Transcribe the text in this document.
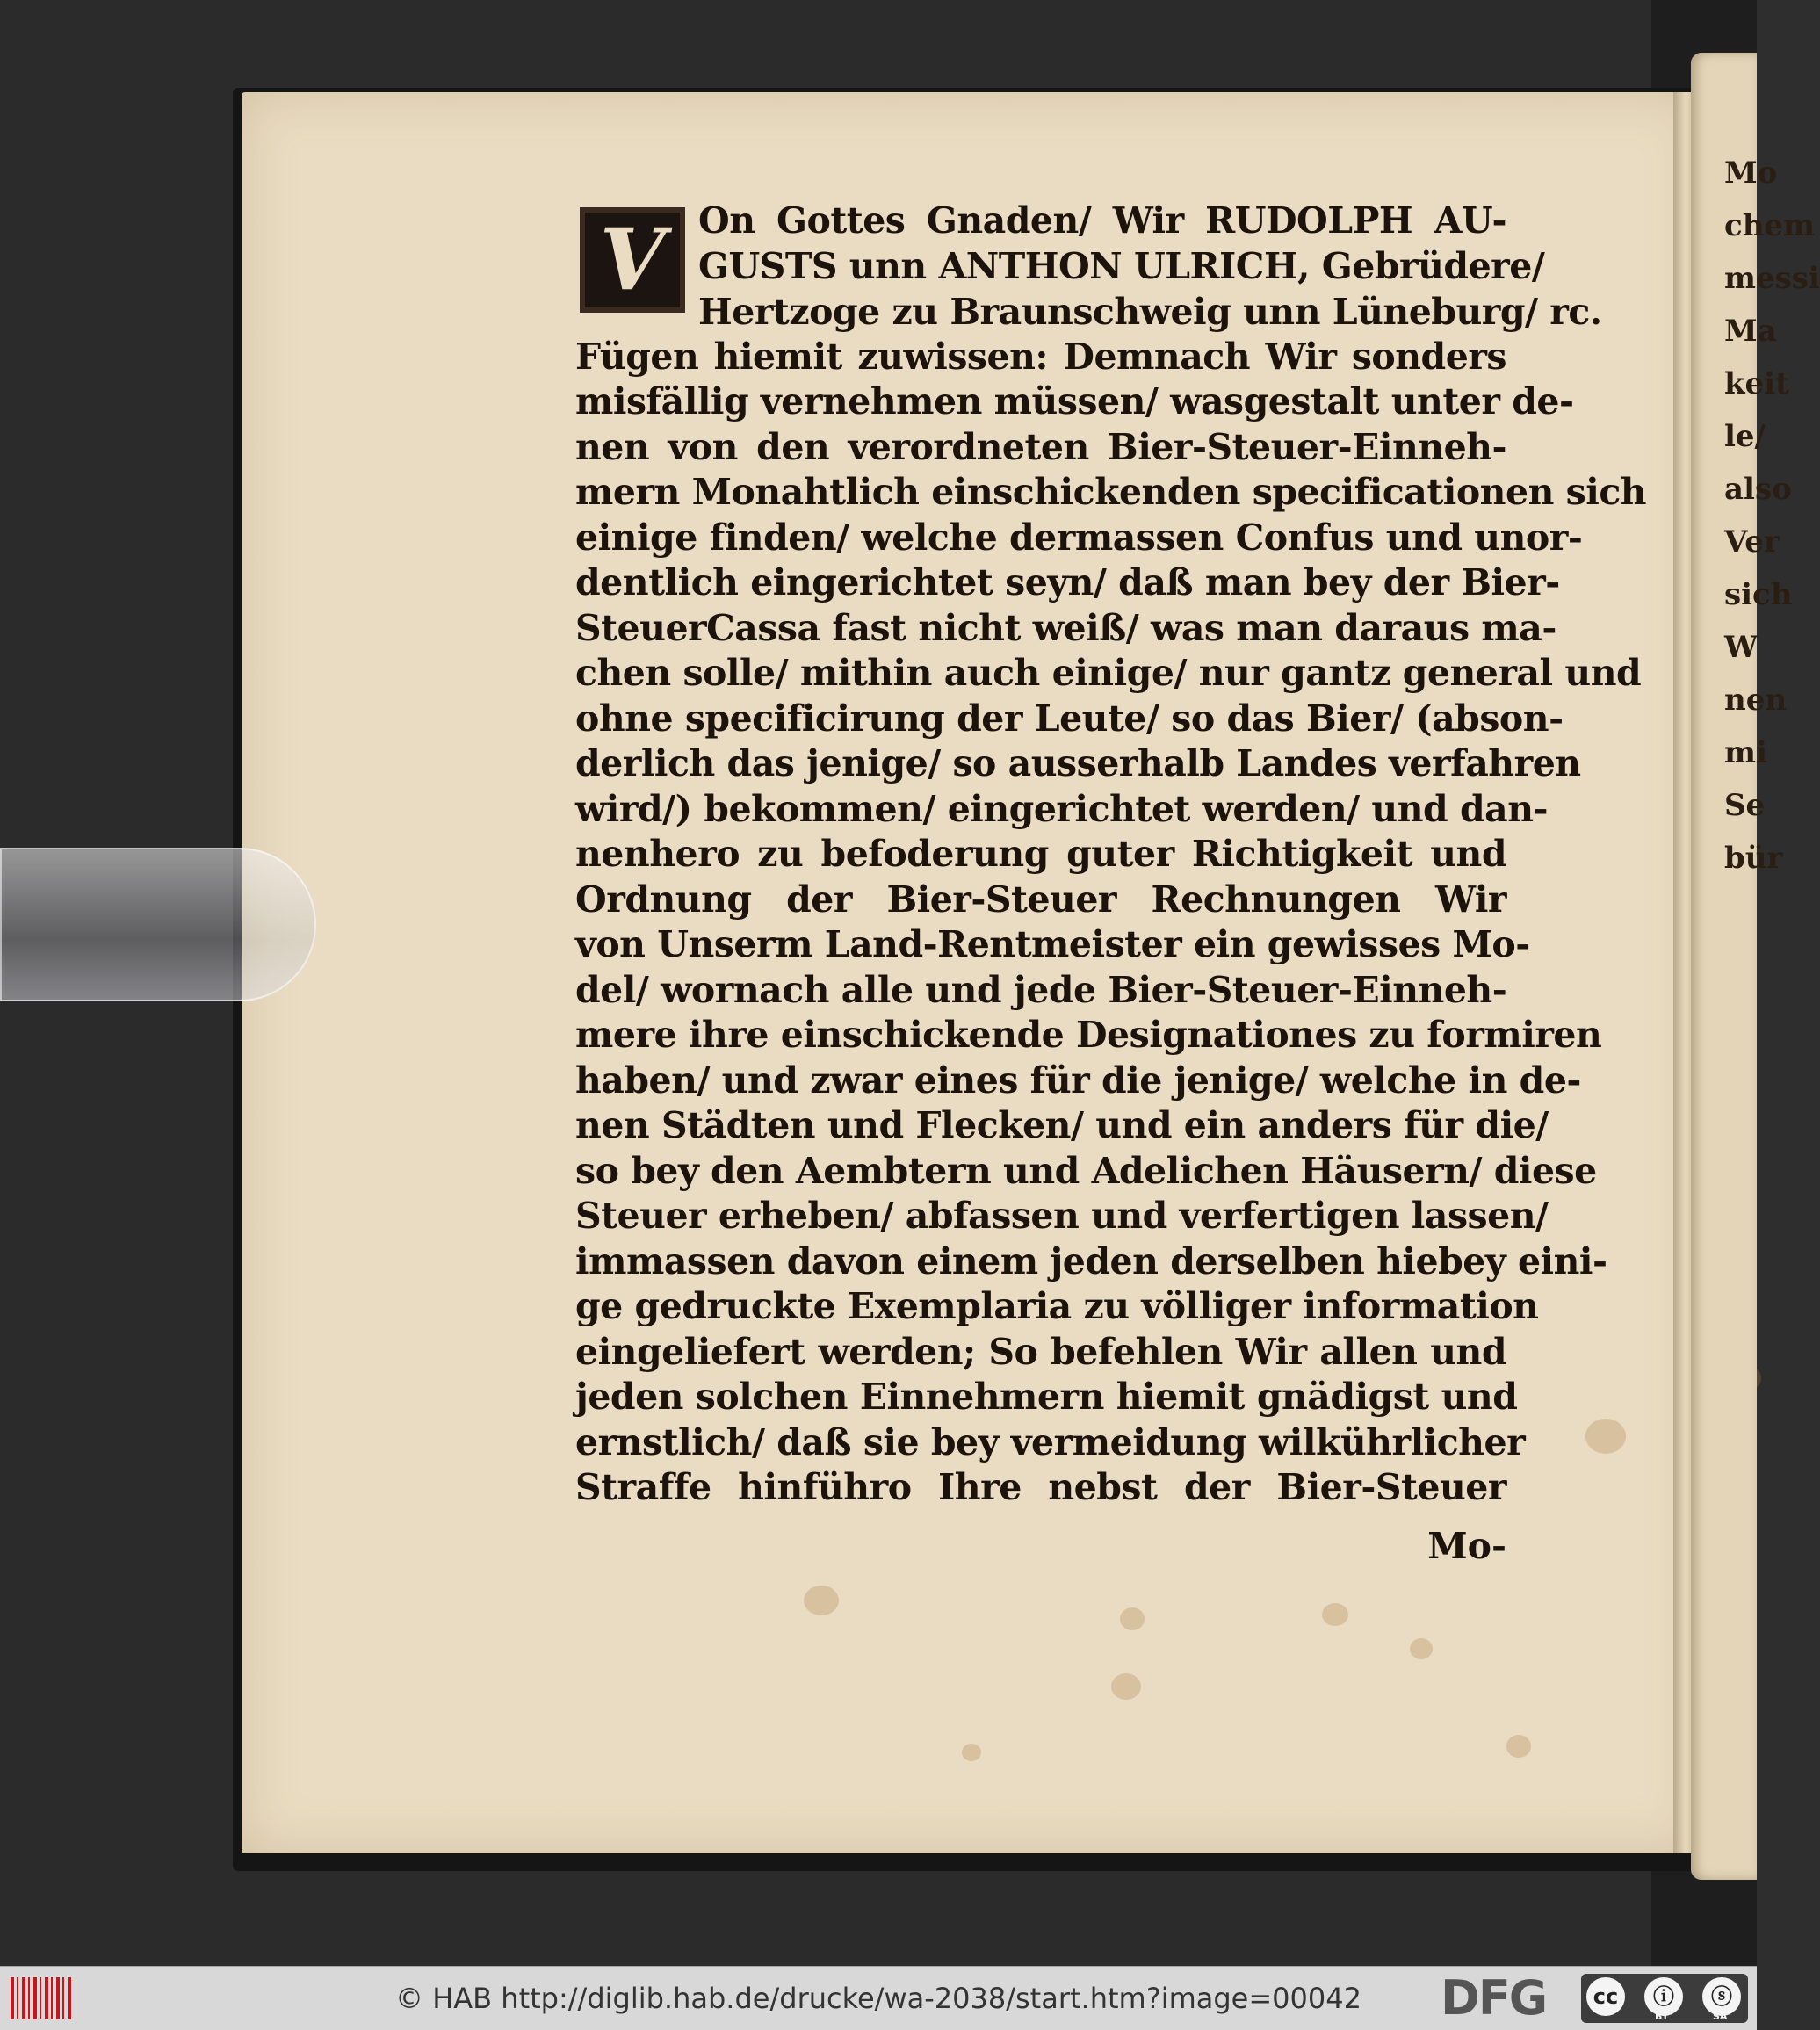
Mo
chem
messi
Ma
keit
le/
also
Ver
sich
W
nen
mi
Se
bür
V On Gottes Gnaden/ Wir RUDOLPH AU-
GUSTS unn ANTHON ULRICH, Gebrüdere/
Hertzoge zu Braunschweig unn Lüneburg/ rc.
Fügen hiemit zuwissen: Demnach Wir sonders
misfällig vernehmen müssen/ wasgestalt unter de-
nen von den verordneten Bier-Steuer-Einneh-
mern Monahtlich einschickenden specificationen sich
einige finden/ welche dermassen Confus und unor-
dentlich eingerichtet seyn/ daß man bey der Bier-
SteuerCassa fast nicht weiß/ was man daraus ma-
chen solle/ mithin auch einige/ nur gantz general und
ohne specificirung der Leute/ so das Bier/ (abson-
derlich das jenige/ so ausserhalb Landes verfahren
wird/) bekommen/ eingerichtet werden/ und dan-
nenhero zu befoderung guter Richtigkeit und
Ordnung der Bier-Steuer Rechnungen Wir
von Unserm Land-Rentmeister ein gewisses Mo-
del/ wornach alle und jede Bier-Steuer-Einneh-
mere ihre einschickende Designationes zu formiren
haben/ und zwar eines für die jenige/ welche in de-
nen Städten und Flecken/ und ein anders für die/
so bey den Aembtern und Adelichen Häusern/ diese
Steuer erheben/ abfassen und verfertigen lassen/
immassen davon einem jeden derselben hiebey eini-
ge gedruckte Exemplaria zu völliger information
eingeliefert werden; So befehlen Wir allen und
jeden solchen Einnehmern hiemit gnädigst und
ernstlich/ daß sie bey vermeidung wilkührlicher
Straffe hinführo Ihre nebst der Bier-Steuer
Mo-
© HAB http://diglib.hab.de/drucke/wa-2038/start.htm?image=00042	DFG	cc	ⓘ	ⓢ
BY	SA
